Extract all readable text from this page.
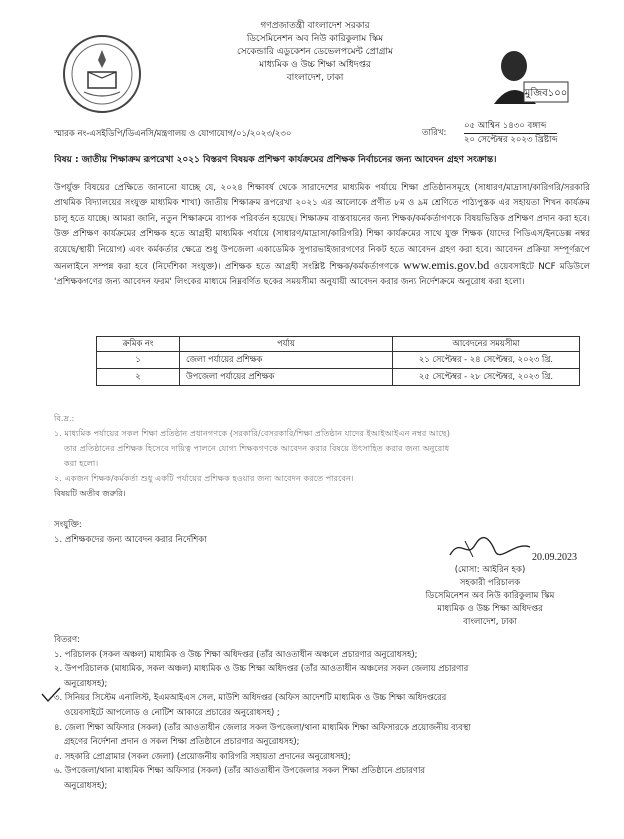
গণপ্রজাতন্ত্রী বাংলাদেশ সরকার
ডিসেমিনেশন অব নিউ কারিকুলাম স্কিম
সেকেন্ডারি এডুকেশন ডেভেলপমেন্ট প্রোগ্রাম
মাধ্যমিক ও উচ্চ শিক্ষা অধিদপ্তর
বাংলাদেশ, ঢাকা
মুজিব১০০
স্মারক নং-এসইডিপি/ডিএনসি/মন্ত্রণালয় ও যোগাযোগ/০১/২০২৩/২৩০	তারিখ:
০৫ আশ্বিন ১৪৩০ বঙ্গাব্দ
২০ সেপ্টেম্বর ২০২৩ খ্রিষ্টাব্দ
বিষয় : জাতীয় শিক্ষাক্রম রূপরেখা ২০২১ বিস্তরণ বিষয়ক প্রশিক্ষণ কার্যক্রমের প্রশিক্ষক নির্বাচনের জন্য আবেদন গ্রহণ সংক্রান্ত।
উপর্যুক্ত বিষয়ের প্রেক্ষিতে জানানো যাচ্ছে যে, ২০২৪ শিক্ষাবর্ষ থেকে সারাদেশের মাধ্যমিক পর্যায়ে শিক্ষা প্রতিষ্ঠানসমূহে (সাধারণ/মাদ্রাসা/কারিগরি/সরকারি প্রাথমিক বিদ্যালয়ের সংযুক্ত মাধ্যমিক শাখা) জাতীয় শিক্ষাক্রম রূপরেখা ২০২১ এর আলোকে প্রণীত ৮ম ও ৯ম শ্রেণিতে পাঠ্যপুস্তক এর সহায়তা শিখন কার্যক্রম চালু হতে যাচ্ছে। আমরা জানি, নতুন শিক্ষাক্রমে ব্যাপক পরিবর্তন হয়েছে। শিক্ষাক্রম বাস্তবায়নের জন্য শিক্ষক/কর্মকর্তাগণকে বিষয়ভিত্তিক প্রশিক্ষণ প্রদান করা হবে। উক্ত প্রশিক্ষণ কার্যক্রমের প্রশিক্ষক হতে আগ্রহী মাধ্যমিক পর্যায়ে (সাধারণ/মাদ্রাসা/কারিগরি) শিক্ষা কার্যক্রমের সাথে যুক্ত শিক্ষক (যাদের পিডিএস/ইনডেক্স নম্বর রয়েছে/স্থায়ী নিয়োগ) এবং কর্মকর্তার ক্ষেত্রে শুধু উপজেলা একাডেমিক সুপারভাইজারগণের নিকট হতে আবেদন গ্রহণ করা হবে। আবেদন প্রক্রিয়া সম্পূর্ণরূপে অনলাইনে সম্পন্ন করা হবে (নির্দেশিকা সংযুক্ত)। প্রশিক্ষক হতে আগ্রহী সংশ্লিষ্ট শিক্ষক/কর্মকর্তাগণকে www.emis.gov.bd ওয়েবসাইটে NCF মডিউলে 'প্রশিক্ষকগণের জন্য আবেদন ফরম' লিংকের মাধ্যমে নিম্নবর্ণিত ছকের সময়সীমা অনুযায়ী আবেদন করার জন্য নির্দেশক্রমে অনুরোধ করা হলো।
ক্রমিক নং	পর্যায়	আবেদনের সময়সীমা
১	জেলা পর্যায়ের প্রশিক্ষক	২১ সেপ্টেম্বর - ২৪ সেপ্টেম্বর, ২০২৩ খ্রি.
২	উপজেলা পর্যায়ের প্রশিক্ষক	২৫ সেপ্টেম্বর - ২৮ সেপ্টেম্বর, ২০২৩ খ্রি.
বি.দ্র.:
১. মাধ্যমিক পর্যায়ের সকল শিক্ষা প্রতিষ্ঠান প্রধানগণকে (সরকারি/বেসরকারি/শিক্ষা প্রতিষ্ঠান যাদের ইআইআইএন নম্বর আছে)
তার প্রতিষ্ঠানের প্রশিক্ষক হিসেবে দায়িত্ব পালনে যোগ্য শিক্ষকগণকে আবেদন করার বিষয়ে উৎসাহিত করার জন্য অনুরোধ
করা হলো।
২. একজন শিক্ষক/কর্মকর্তা শুধু একটি পর্যায়ের প্রশিক্ষক হওয়ার জন্য আবেদন করতে পারবেন।
বিষয়টি অতীব জরুরি।
সংযুক্তি:
১. প্রশিক্ষকদের জন্য আবেদন করার নির্দেশিকা
20.09.2023
(মোসা: আইরিন হক)
সহকারী পরিচালক
ডিসেমিনেশন অব নিউ কারিকুলাম স্কিম
মাধ্যমিক ও উচ্চ শিক্ষা অধিদপ্তর
বাংলাদেশ, ঢাকা
বিতরণ:
১. পরিচালক (সকল অঞ্চল) মাধ্যমিক ও উচ্চ শিক্ষা অধিদপ্তর (তাঁর আওতাধীন অঞ্চলে প্রচারণার অনুরোধসহ);
২. উপপরিচালক (মাধ্যমিক, সকল অঞ্চল) মাধ্যমিক ও উচ্চ শিক্ষা অধিদপ্তর (তাঁর আওতাধীন অঞ্চলের সকল জেলায় প্রচারণার
অনুরোধসহ);
৩. সিনিয়র সিস্টেম এনালিস্ট, ইএমআইএস সেল, মাউশি অধিদপ্তর (অফিস আদেশটি মাধ্যমিক ও উচ্চ শিক্ষা অধিদপ্তরের
ওয়েবসাইটে আপলোড ও নোটিশ আকারে প্রচারের অনুরোধসহ) ;
৪. জেলা শিক্ষা অফিসার (সকল) (তাঁর আওতাধীন জেলার সকল উপজেলা/থানা মাধ্যমিক শিক্ষা অফিসারকে প্রয়োজনীয় ব্যবস্থা
গ্রহণের নির্দেশনা প্রদান ও সকল শিক্ষা প্রতিষ্ঠানে প্রচারণার অনুরোধসহ);
৫. সহকারি প্রোগ্রামার (সকল জেলা) (প্রয়োজনীয় কারিগরি সহায়তা প্রদানের অনুরোধসহ);
৬. উপজেলা/থানা মাধ্যমিক শিক্ষা অফিসার (সকল) (তাঁর আওতাধীন উপজেলার সকল শিক্ষা প্রতিষ্ঠানে প্রচারণার
অনুরোধসহ);
